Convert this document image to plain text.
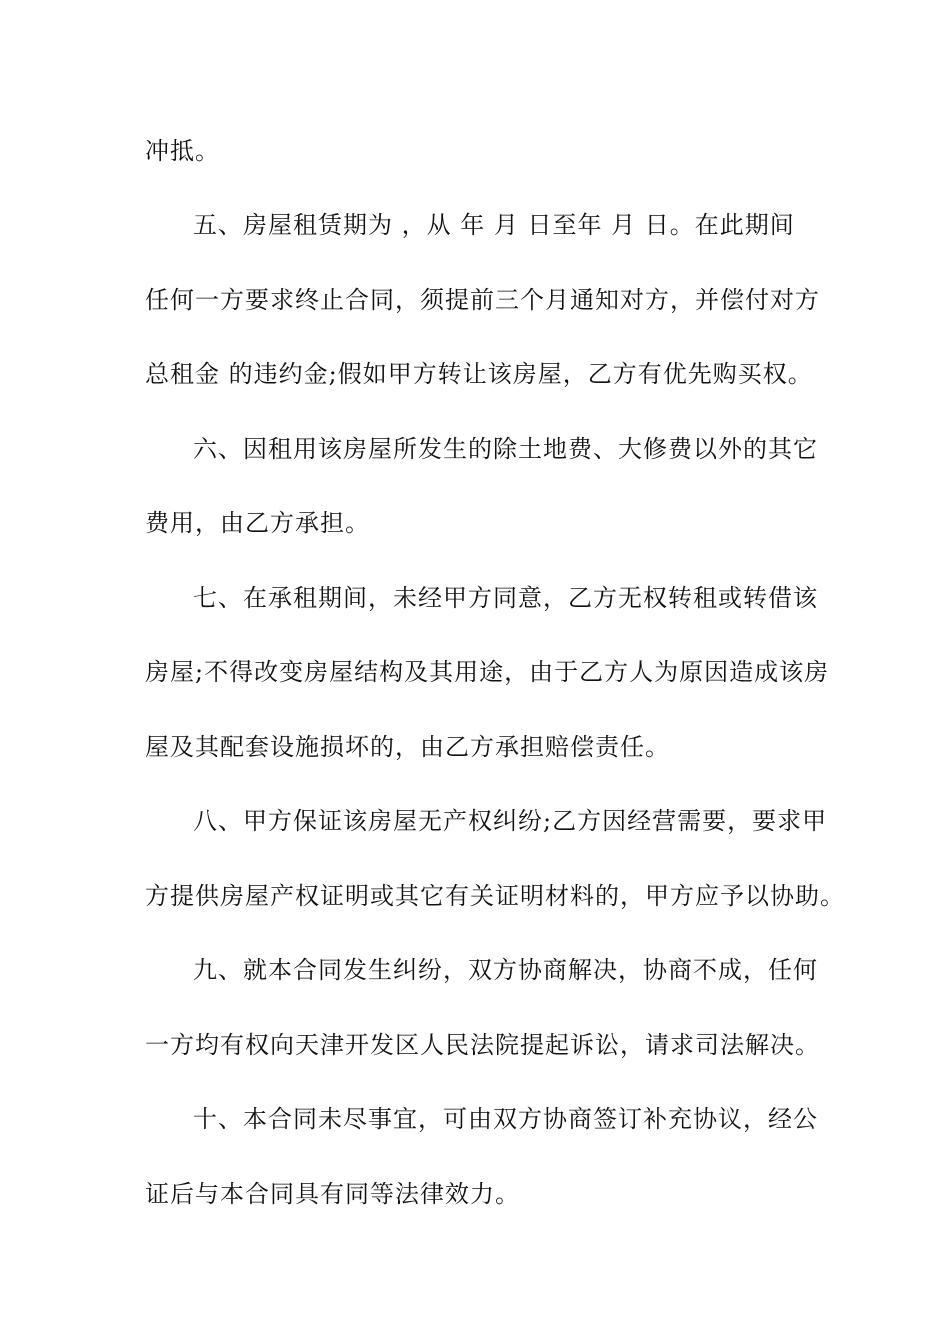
冲抵。
五、房屋租赁期为 ，从 年 月 日至年 月 日。在此期间
任何一方要求终止合同，须提前三个月通知对方，并偿付对方
总租金 的违约金;假如甲方转让该房屋，乙方有优先购买权。
六、因租用该房屋所发生的除土地费、大修费以外的其它
费用，由乙方承担。
七、在承租期间，未经甲方同意，乙方无权转租或转借该
房屋;不得改变房屋结构及其用途，由于乙方人为原因造成该房
屋及其配套设施损坏的，由乙方承担赔偿责任。
八、甲方保证该房屋无产权纠纷;乙方因经营需要，要求甲
方提供房屋产权证明或其它有关证明材料的，甲方应予以协助。
九、就本合同发生纠纷，双方协商解决，协商不成，任何
一方均有权向天津开发区人民法院提起诉讼，请求司法解决。
十、本合同未尽事宜，可由双方协商签订补充协议，经公
证后与本合同具有同等法律效力。
